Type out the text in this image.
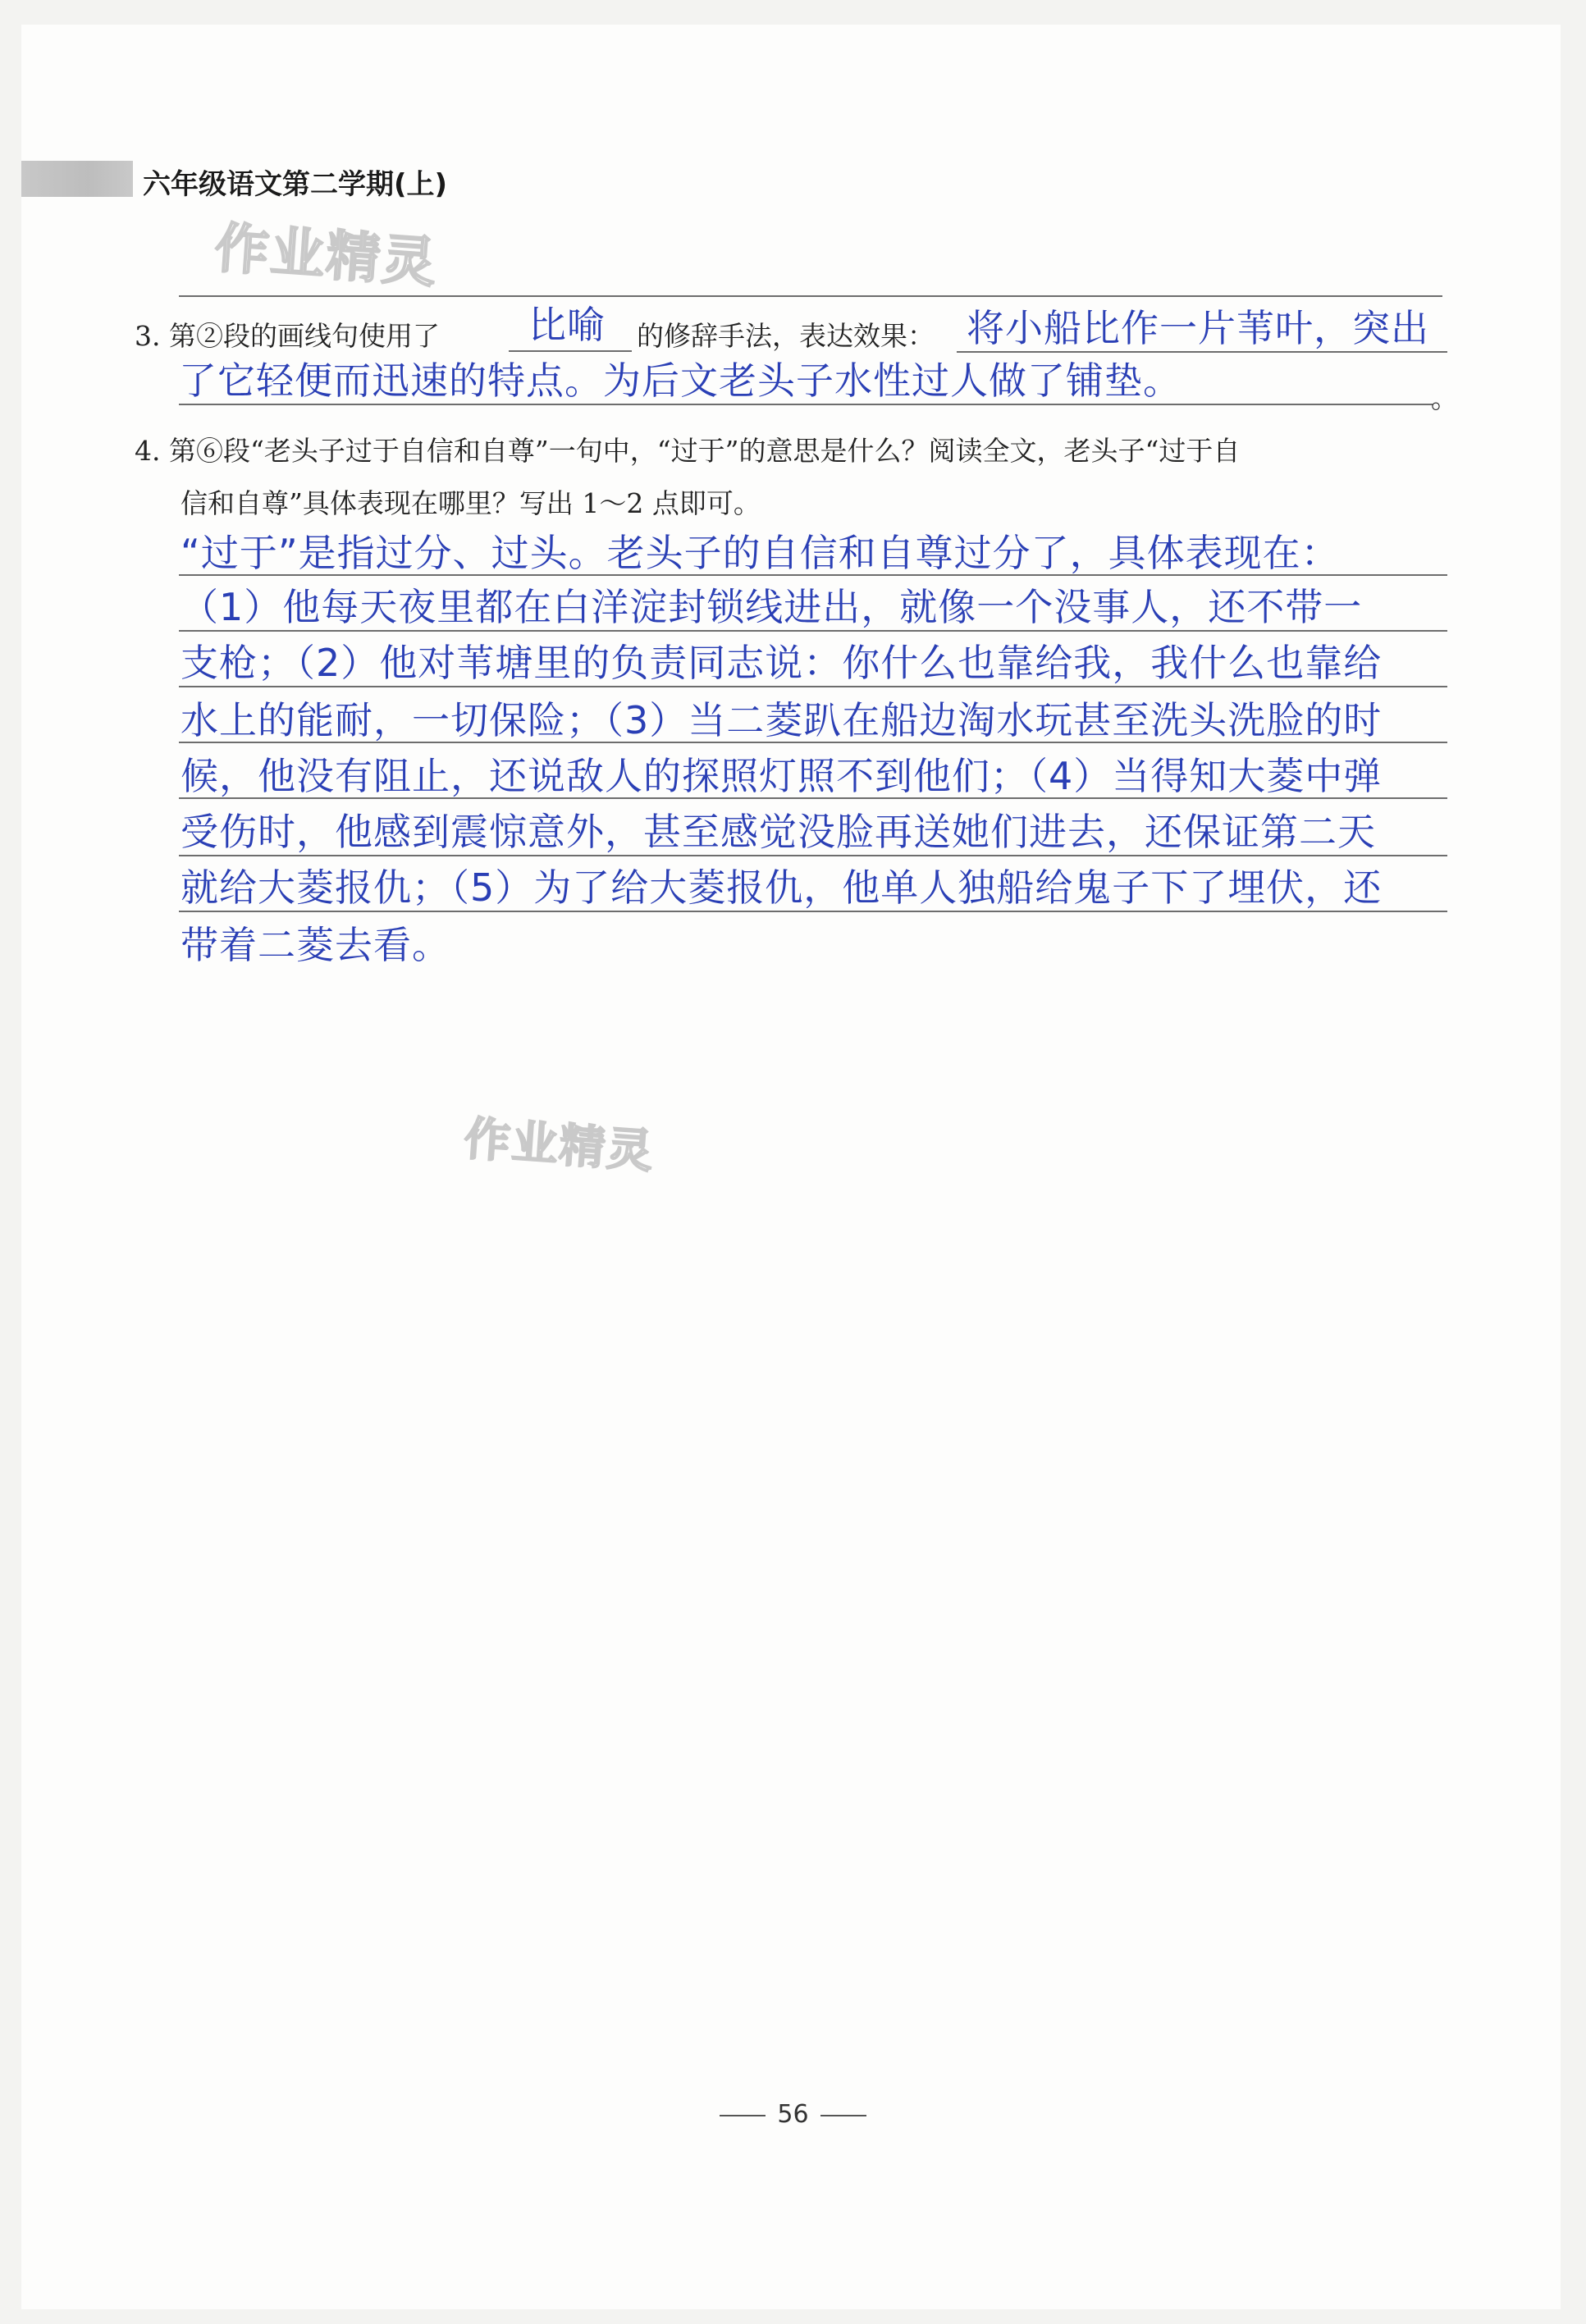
六年级语文第二学期(上)
作业精灵
作业精灵
3. 第②段的画线句使用了 比喻 的修辞手法，表达效果： 将小船比作一片苇叶，突出
了它轻便而迅速的特点。为后文老头子水性过人做了铺垫。	。
4. 第⑥段“老头子过于自信和自尊”一句中，“过于”的意思是什么？阅读全文，老头子“过于自
信和自尊”具体表现在哪里？写出 1～2 点即可。
“过于”是指过分、过头。老头子的自信和自尊过分了，具体表现在：
（1）他每天夜里都在白洋淀封锁线进出，就像一个没事人，还不带一
支枪；（2）他对苇塘里的负责同志说：你什么也靠给我，我什么也靠给
水上的能耐，一切保险；（3）当二菱趴在船边淘水玩甚至洗头洗脸的时
候，他没有阻止，还说敌人的探照灯照不到他们；（4）当得知大菱中弹
受伤时，他感到震惊意外，甚至感觉没脸再送她们进去，还保证第二天
就给大菱报仇；（5）为了给大菱报仇，他单人独船给鬼子下了埋伏，还
带着二菱去看。
56
